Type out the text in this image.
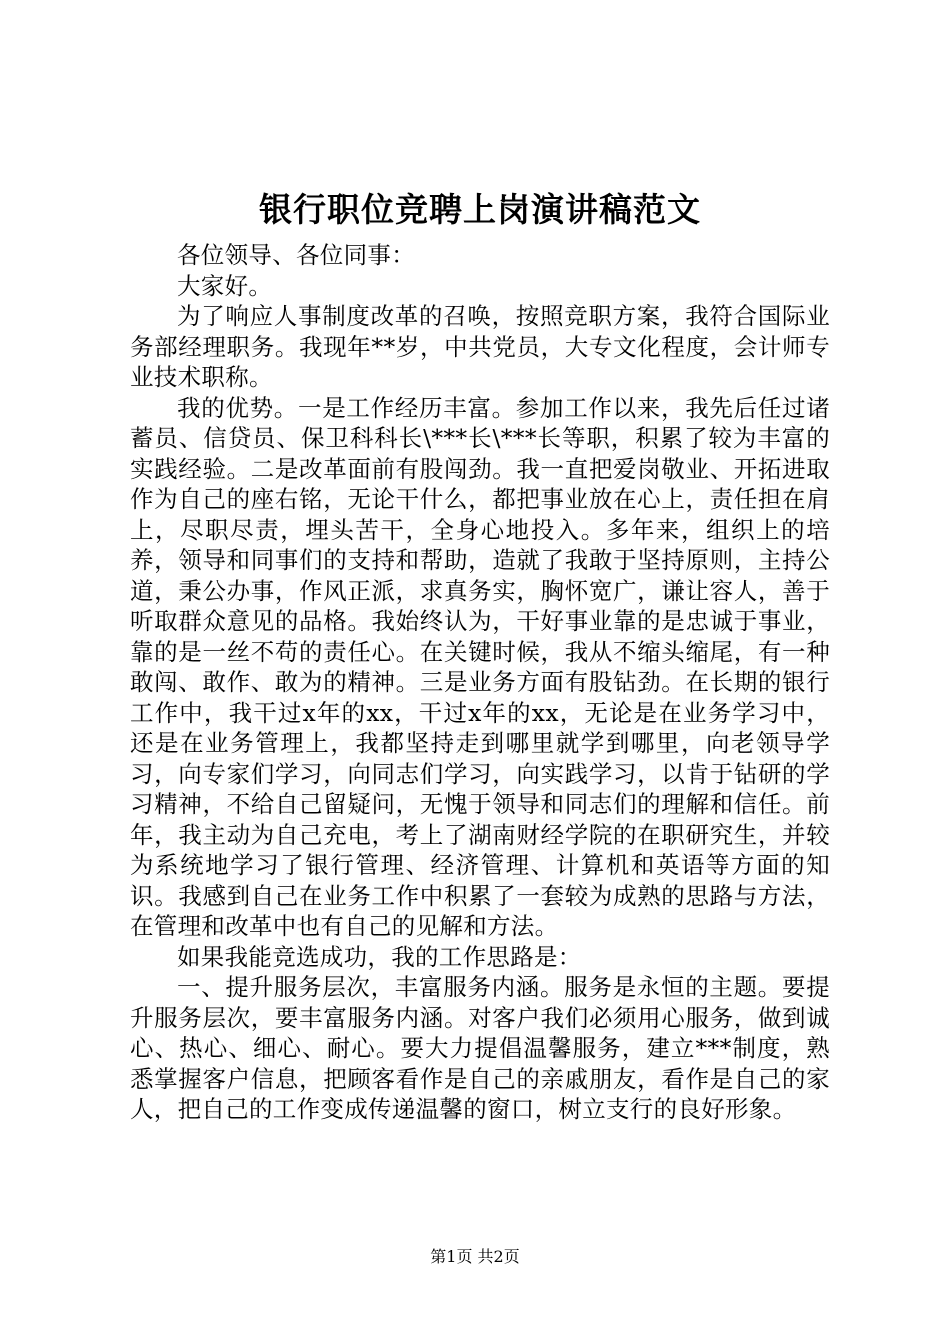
银行职位竞聘上岗演讲稿范文

各位领导、各位同事：

大家好。

为了响应人事制度改革的召唤，按照竞职方案，我符合国际业务部经理职务。我现年**岁，中共党员，大专文化程度，会计师专业技术职称。

我的优势。一是工作经历丰富。参加工作以来，我先后任过诸蓄员、信贷员、保卫科科长\***长\***长等职，积累了较为丰富的实践经验。二是改革面前有股闯劲。我一直把爱岗敬业、开拓进取作为自己的座右铭，无论干什么，都把事业放在心上，责任担在肩上，尽职尽责，埋头苦干，全身心地投入。多年来，组织上的培养，领导和同事们的支持和帮助，造就了我敢于坚持原则，主持公道，秉公办事，作风正派，求真务实，胸怀宽广，谦让容人，善于听取群众意见的品格。我始终认为，干好事业靠的是忠诚于事业，靠的是一丝不苟的责任心。在关键时候，我从不缩头缩尾，有一种敢闯、敢作、敢为的精神。三是业务方面有股钻劲。在长期的银行工作中，我干过x年的xx，干过x年的xx，无论是在业务学习中，还是在业务管理上，我都坚持走到哪里就学到哪里，向老领导学习，向专家们学习，向同志们学习，向实践学习，以肯于钻研的学习精神，不给自己留疑问，无愧于领导和同志们的理解和信任。前年，我主动为自己充电，考上了湖南财经学院的在职研究生，并较为系统地学习了银行管理、经济管理、计算机和英语等方面的知识。我感到自己在业务工作中积累了一套较为成熟的思路与方法，在管理和改革中也有自己的见解和方法。

如果我能竞选成功，我的工作思路是：

一、提升服务层次，丰富服务内涵。服务是永恒的主题。要提升服务层次，要丰富服务内涵。对客户我们必须用心服务，做到诚心、热心、细心、耐心。要大力提倡温馨服务，建立***制度，熟悉掌握客户信息，把顾客看作是自己的亲戚朋友，看作是自己的家人，把自己的工作变成传递温馨的窗口，树立支行的良好形象。

第1页 共2页
